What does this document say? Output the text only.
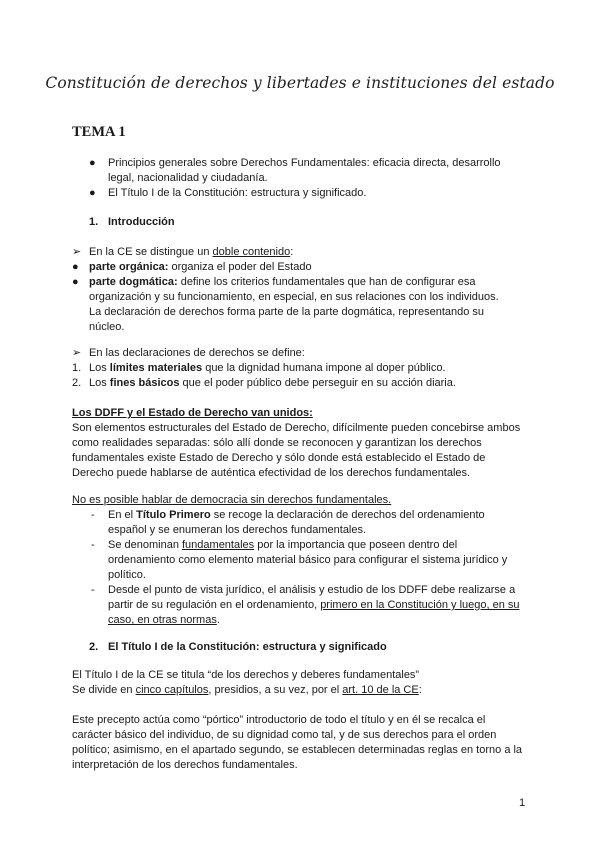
Constitución de derechos y libertades e instituciones del estado
TEMA 1
● Principios generales sobre Derechos Fundamentales: eficacia directa, desarrollo
legal, nacionalidad y ciudadanía.
● El Título I de la Constitución: estructura y significado.
1. Introducción
➢ En la CE se distingue un doble contenido:
● parte orgánica: organiza el poder del Estado
● parte dogmática: define los criterios fundamentales que han de configurar esa
organización y su funcionamiento, en especial, en sus relaciones con los individuos.
La declaración de derechos forma parte de la parte dogmática, representando su
núcleo.
➢ En las declaraciones de derechos se define:
1. Los límites materiales que la dignidad humana impone al doper público.
2. Los fines básicos que el poder público debe perseguir en su acción diaria.
Los DDFF y el Estado de Derecho van unidos:
Son elementos estructurales del Estado de Derecho, difícilmente pueden concebirse ambos
como realidades separadas: sólo allí donde se reconocen y garantizan los derechos
fundamentales existe Estado de Derecho y sólo donde está establecido el Estado de
Derecho puede hablarse de auténtica efectividad de los derechos fundamentales.
No es posible hablar de democracia sin derechos fundamentales.
- En el Título Primero se recoge la declaración de derechos del ordenamiento
español y se enumeran los derechos fundamentales.
- Se denominan fundamentales por la importancia que poseen dentro del
ordenamiento como elemento material básico para configurar el sistema jurídico y
político.
- Desde el punto de vista jurídico, el análisis y estudio de los DDFF debe realizarse a
partir de su regulación en el ordenamiento, primero en la Constitución y luego, en su
caso, en otras normas.
2. El Título I de la Constitución: estructura y significado
El Título I de la CE se titula “de los derechos y deberes fundamentales”
Se divide en cinco capítulos, presidios, a su vez, por el art. 10 de la CE:
Este precepto actúa como “pórtico” introductorio de todo el título y en él se recalca el
carácter básico del individuo, de su dignidad como tal, y de sus derechos para el orden
político; asimismo, en el apartado segundo, se establecen determinadas reglas en torno a la
interpretación de los derechos fundamentales.
1
